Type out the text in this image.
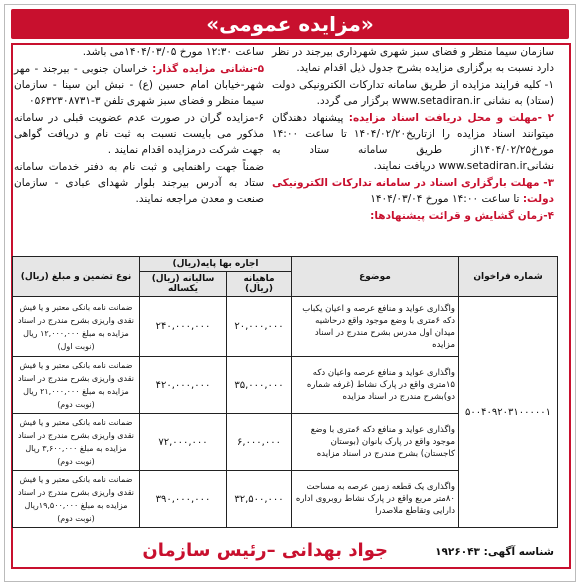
«مزایده عمومی»

سازمان سیما منظر و فضای سبز شهری شهرداری بیرجند در نظر دارد نسبت به برگزاری مزایده بشرح جدول ذیل اقدام نماید.

۱- کلیه فرایند مزایده از طریق سامانه تدارکات الکترونیکی دولت (ستاد) به نشانی www.setadiran.ir برگزار می گردد.

۲ -مهلت و محل دریافت اسناد مزایده: پیشنهاد دهندگان میتوانند اسناد مزایده را ازتاریخ۱۴۰۴/۰۲/۲۰ تا ساعت ۱۴:۰۰ مورخ۱۴۰۴/۰۲/۲۵از طریق سامانه ستاد به نشانیwww.setadiran.ir دریافت نمایند.

۳- مهلت بارگزاری اسناد در سامانه تدارکات الکترونیکی دولت: تا ساعت ۱۴:۰۰ مورخ ۱۴۰۴/۰۳/۰۴

۴-زمان گشایش و قرائت پیشنهادها:

ساعت ۱۲:۳۰ مورخ ۱۴۰۴/۰۳/۰۵می باشد.

۵-نشانی مزایده گذار: خراسان جنوبی - بیرجند - مهر شهر-خیابان امام حسین (ع) - نبش ابن سینا - سازمان سیما منظر و فضای سبز شهری تلفن ۳-۰۵۶۳۲۳۰۸۷۳۱

۶-مزایده گران در صورت عدم عضویت قبلی در سامانه مذکور می بایست نسبت به ثبت نام و دریافت گواهی جهت شرکت درمزایده اقدام نمایند .

ضمناً جهت راهنمایی و ثبت نام به دفتر خدمات سامانه ستاد به آدرس بیرجند بلوار شهدای عبادی - سازمان صنعت و معدن مراجعه نمایند.

شماره فراخوان	موضوع	اجاره بها پایه(ریال)		نوع تضمین و مبلغ (ریال)
		ماهیانه (ریال)	سالیانه (ریال) یکساله	
۵۰۰۴۰۹۲۰۳۱۰۰۰۰۰۱	واگذاری عواید و منافع عرصه و اعیان یکباب دکه ۶متری با وضع موجود واقع درحاشیه میدان اول مدرس بشرح مندرج در اسناد مزایده	۲۰,۰۰۰,۰۰۰	۲۴۰,۰۰۰,۰۰۰	ضمانت نامه بانکی معتبر و یا فیش نقدی واریزی بشرح مندرج در اسناد مزایده به مبلغ ۱۲,۰۰۰,۰۰۰ ریال (نوبت اول)
	واگذاری عواید و منافع عرصه واعیان دکه ۱۵متری واقع در پارک نشاط (غرفه شماره دو)بشرح مندرج در اسناد مزایده	۳۵,۰۰۰,۰۰۰	۴۲۰,۰۰۰,۰۰۰	ضمانت نامه بانکی معتبر و یا فیش نقدی واریزی بشرح مندرج در اسناد مزایده به مبلغ ۲۱,۰۰۰,۰۰۰ ریال (نوبت دوم)
	واگذاری عواید و منافع دکه ۶متری با وضع موجود واقع در پارک بانوان (بوستان کاجستان) بشرح مندرج در اسناد مزایده	۶,۰۰۰,۰۰۰	۷۲,۰۰۰,۰۰۰	ضمانت نامه بانکی معتبر و یا فیش نقدی واریزی بشرح مندرج در اسناد مزایده به مبلغ ۳,۶۰۰,۰۰۰ ریال (نوبت دوم)
	واگذاری یک قطعه زمین عرصه به مساحت ۸۰متر مربع واقع در پارک نشاط روبروی اداره دارایی وتقاطع ملاصدرا	۳۲,۵۰۰,۰۰۰	۳۹۰,۰۰۰,۰۰۰	ضمانت نامه بانکی معتبر و یا فیش نقدی واریزی بشرح مندرج در اسناد مزایده به مبلغ ۱۹,۵۰۰,۰۰۰ریال (نوبت دوم)
شناسه آگهی: ۱۹۲۶۰۴۳
جواد بهدانی –رئیس سازمان
